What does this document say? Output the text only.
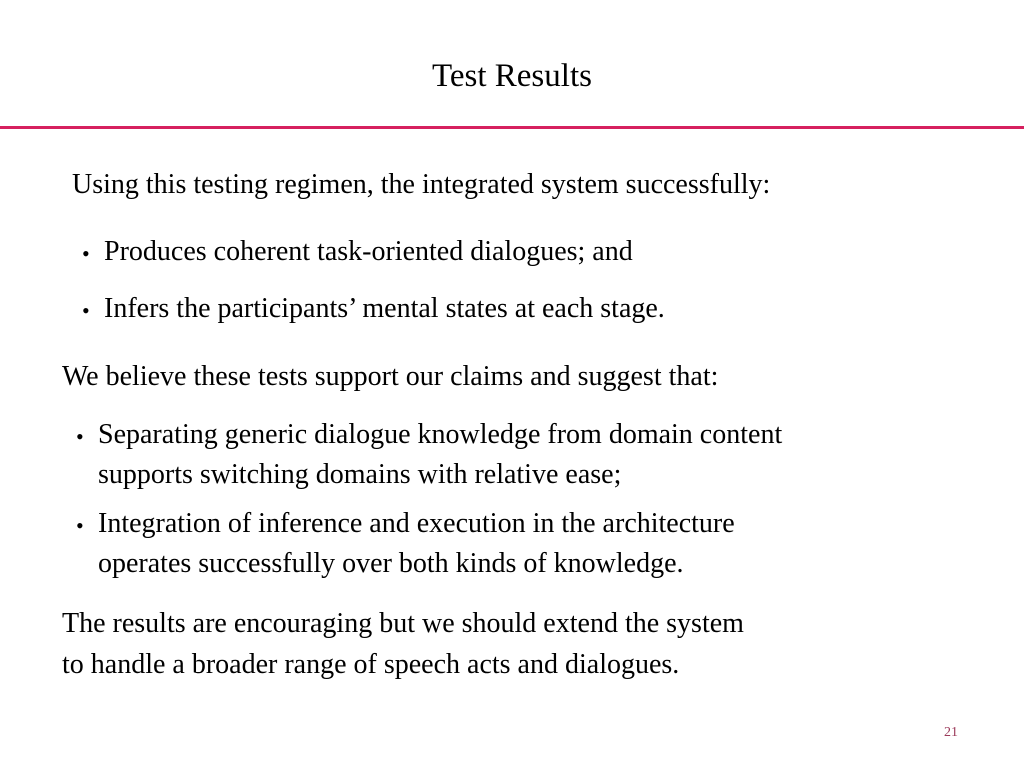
Test Results
Using this testing regimen, the integrated system successfully:
• Produces coherent task-oriented dialogues; and
• Infers the participants’ mental states at each stage.
We believe these tests support our claims and suggest that:
• Separating generic dialogue knowledge from domain content
supports switching domains with relative ease;
• Integration of inference and execution in the architecture
operates successfully over both kinds of knowledge.
The results are encouraging but we should extend the system
to handle a broader range of speech acts and dialogues.
21
